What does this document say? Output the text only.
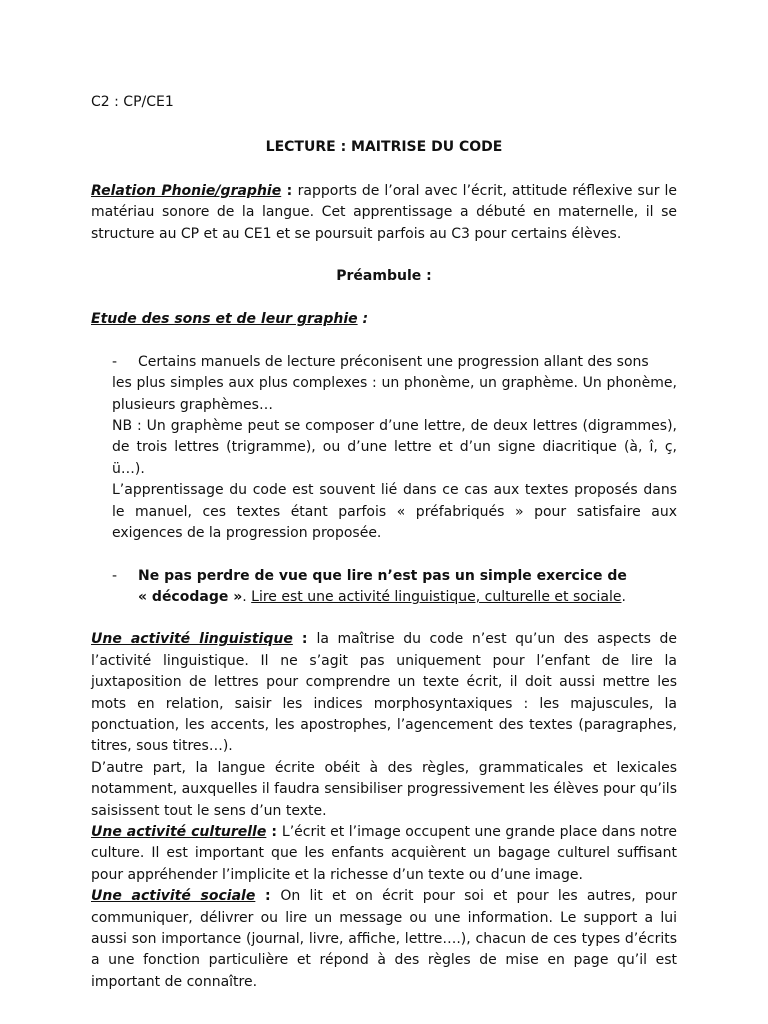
C2 : CP/CE1

LECTURE : MAITRISE DU CODE

Relation Phonie/graphie : rapports de l’oral avec l’écrit, attitude réflexive sur le matériau sonore de la langue. Cet apprentissage a débuté en maternelle, il se structure au CP et au CE1 et se poursuit parfois au C3 pour certains élèves.

Préambule :

Etude des sons et de leur graphie :

-	Certains manuels de lecture préconisent une progression allant des sons
les plus simples aux plus complexes : un phonème, un graphème. Un phonème, plusieurs graphèmes…
NB : Un graphème peut se composer d’une lettre, de deux lettres (digrammes), de trois lettres (trigramme), ou d’une lettre et d’un signe diacritique (à, î, ç, ü…).
L’apprentissage du code est souvent lié dans ce cas aux textes proposés dans le manuel, ces textes étant parfois « préfabriqués » pour satisfaire aux exigences de la progression proposée.
-	Ne pas perdre de vue que lire n’est pas un simple exercice de
« décodage ». Lire est une activité linguistique, culturelle et sociale.

Une activité linguistique : la maîtrise du code n’est qu’un des aspects de l’activité linguistique. Il ne s’agit pas uniquement pour l’enfant de lire la juxtaposition de lettres pour comprendre un texte écrit, il doit aussi mettre les mots en relation, saisir les indices morphosyntaxiques : les majuscules, la ponctuation, les accents, les apostrophes, l’agencement des textes (paragraphes, titres, sous titres…).

D’autre part, la langue écrite obéit à des règles, grammaticales et lexicales notamment, auxquelles il faudra sensibiliser progressivement les élèves pour qu’ils saisissent tout le sens d’un texte.

Une activité culturelle : L’écrit et l’image occupent une grande place dans notre culture. Il est important que les enfants acquièrent un bagage culturel suffisant pour appréhender l’implicite et la richesse d’un texte ou d’une image.

Une activité sociale : On lit et on écrit pour soi et pour les autres, pour communiquer, délivrer ou lire un message ou une information. Le support a lui aussi son importance (journal, livre, affiche, lettre….), chacun de ces types d’écrits a une fonction particulière et répond à des règles de mise en page qu’il est important de connaître.
